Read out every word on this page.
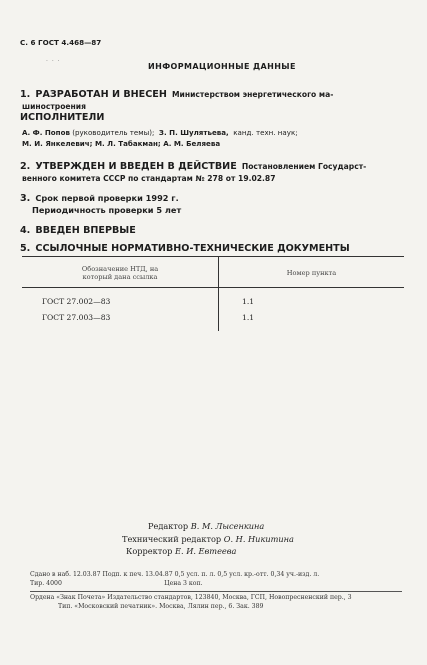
С. 6 ГОСТ 4.468—87
· · ·
ИНФОРМАЦИОННЫЕ ДАННЫЕ
1. РАЗРАБОТАН И ВНЕСЕН Министерством энергетического ма-
шиностроения
ИСПОЛНИТЕЛИ
А. Ф. Попов (руководитель темы); З. П. Шулятьева, канд. техн. наук;
М. И. Янкелевич; М. Л. Табакман; А. М. Беляева
2. УТВЕРЖДЕН И ВВЕДЕН В ДЕЙСТВИЕ Постановлением Государст-
венного комитета СССР по стандартам № 278 от 19.02.87
3. Срок первой проверки 1992 г.
Периодичность проверки 5 лет
4. ВВЕДЕН ВПЕРВЫЕ
5. ССЫЛОЧНЫЕ НОРМАТИВНО-ТЕХНИЧЕСКИЕ ДОКУМЕНТЫ
Обозначение НТД, на
который дана ссылка	Номер пункта
ГОСТ 27.002—83	1.1
ГОСТ 27.003—83	1.1
Редактор В. М. Лысенкина
Технический редактор О. Н. Никитина
Корректор Е. И. Евтеева
Сдано в наб. 12.03.87 Подп. к печ. 13.04.87 0,5 усл. п. л. 0,5 усл. кр.-отт. 0,34 уч.-изд. л.
Тир. 4000                                                    Цена 3 коп.
Ордена «Знак Почета» Издательство стандартов, 123840, Москва, ГСП, Новопресненский пер., 3
Тип. «Московский печатник». Москва, Лялин пер., 6. Зак. 389
